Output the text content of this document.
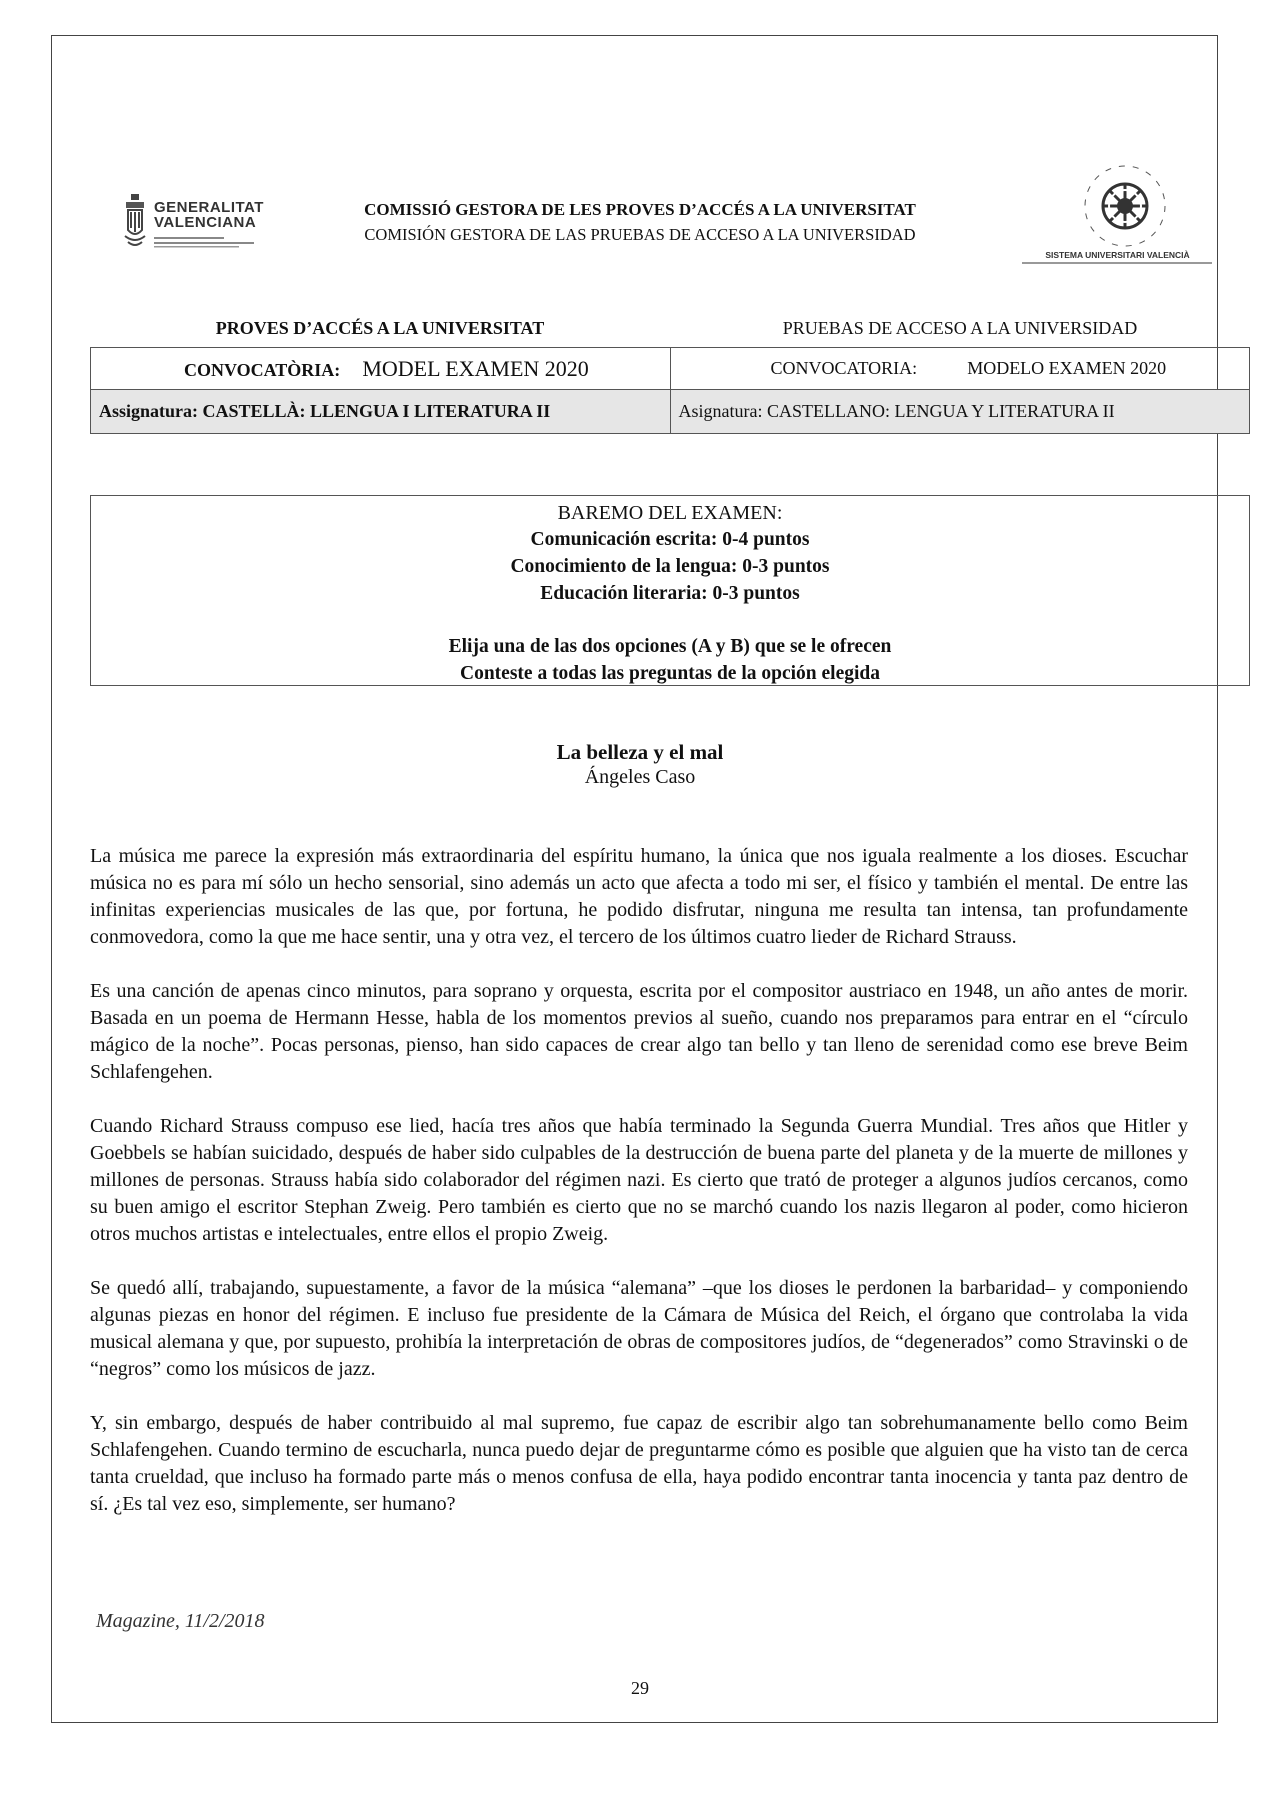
GENERALITAT
VALENCIANA
COMISSIÓ GESTORA DE LES PROVES D’ACCÉS A LA UNIVERSITAT
COMISIÓN GESTORA DE LAS PRUEBAS DE ACCESO A LA UNIVERSIDAD
SISTEMA UNIVERSITARI VALENCIÀ
PROVES D’ACCÉS A LA UNIVERSITAT	PRUEBAS DE ACCESO A LA UNIVERSIDAD
CONVOCATÒRIA: MODEL EXAMEN 2020	CONVOCATORIA: MODELO EXAMEN 2020
Assignatura: CASTELLÀ: LLENGUA I LITERATURA II	Asignatura: CASTELLANO: LENGUA Y LITERATURA II
BAREMO DEL EXAMEN:
Comunicación escrita: 0-4 puntos
Conocimiento de la lengua: 0-3 puntos
Educación literaria: 0-3 puntos
Elija una de las dos opciones (A y B) que se le ofrecen
Conteste a todas las preguntas de la opción elegida
La belleza y el mal
Ángeles Caso

La música me parece la expresión más extraordinaria del espíritu humano, la única que nos iguala realmente a los dioses. Escuchar música no es para mí sólo un hecho sensorial, sino además un acto que afecta a todo mi ser, el físico y también el mental. De entre las infinitas experiencias musicales de las que, por fortuna, he podido disfrutar, ninguna me resulta tan intensa, tan profundamente conmovedora, como la que me hace sentir, una y otra vez, el tercero de los últimos cuatro lieder de Richard Strauss.

Es una canción de apenas cinco minutos, para soprano y orquesta, escrita por el compositor austriaco en 1948, un año antes de morir. Basada en un poema de Hermann Hesse, habla de los momentos previos al sueño, cuando nos preparamos para entrar en el “círculo mágico de la noche”. Pocas personas, pienso, han sido capaces de crear algo tan bello y tan lleno de serenidad como ese breve Beim Schlafengehen.

Cuando Richard Strauss compuso ese lied, hacía tres años que había terminado la Segunda Guerra Mundial. Tres años que Hitler y Goebbels se habían suicidado, después de haber sido culpables de la destrucción de buena parte del planeta y de la muerte de millones y millones de personas. Strauss había sido colaborador del régimen nazi. Es cierto que trató de proteger a algunos judíos cercanos, como su buen amigo el escritor Stephan Zweig. Pero también es cierto que no se marchó cuando los nazis llegaron al poder, como hicieron otros muchos artistas e intelectuales, entre ellos el propio Zweig.

Se quedó allí, trabajando, supuestamente, a favor de la música “alemana” –que los dioses le perdonen la barbaridad– y componiendo algunas piezas en honor del régimen. E incluso fue presidente de la Cámara de Música del Reich, el órgano que controlaba la vida musical alemana y que, por supuesto, prohibía la interpretación de obras de compositores judíos, de “degenerados” como Stravinski o de “negros” como los músicos de jazz.

Y, sin embargo, después de haber contribuido al mal supremo, fue capaz de escribir algo tan sobrehumanamente bello como Beim Schlafengehen. Cuando termino de escucharla, nunca puedo dejar de preguntarme cómo es posible que alguien que ha visto tan de cerca tanta crueldad, que incluso ha formado parte más o menos confusa de ella, haya podido encontrar tanta inocencia y tanta paz dentro de sí. ¿Es tal vez eso, simplemente, ser humano?

Magazine, 11/2/2018
29
